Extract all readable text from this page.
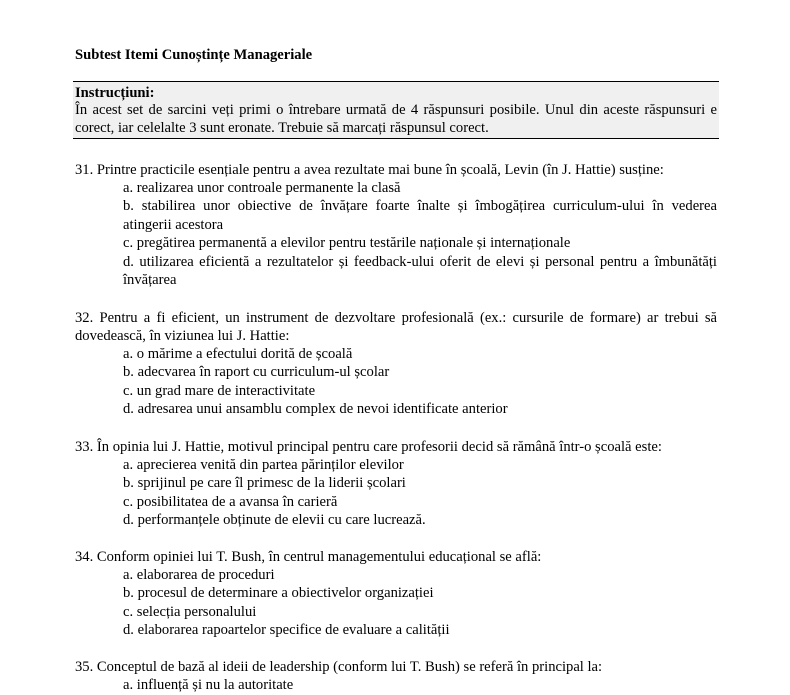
Subtest Itemi Cunoștințe Manageriale
Instrucțiuni:
În acest set de sarcini veți primi o întrebare urmată de 4 răspunsuri posibile. Unul din aceste răspunsuri e corect, iar celelalte 3 sunt eronate. Trebuie să marcați răspunsul corect.
31. Printre practicile esențiale pentru a avea rezultate mai bune în școală, Levin (în J. Hattie) susține:
a. realizarea unor controale permanente la clasă
b. stabilirea unor obiective de învățare foarte înalte și îmbogățirea curriculum-ului în vederea atingerii acestora
c. pregătirea permanentă a elevilor pentru testările naționale și internaționale
d. utilizarea eficientă a rezultatelor și feedback-ului oferit de elevi și personal pentru a îmbunătăți învățarea
32. Pentru a fi eficient, un instrument de dezvoltare profesională (ex.: cursurile de formare) ar trebui să dovedească, în viziunea lui J. Hattie:
a. o mărime a efectului dorită de școală
b. adecvarea în raport cu curriculum-ul școlar
c. un grad mare de interactivitate
d. adresarea unui ansamblu complex de nevoi identificate anterior
33. În opinia lui J. Hattie, motivul principal pentru care profesorii decid să rămână într-o școală este:
a. aprecierea venită din partea părinților elevilor
b. sprijinul pe care îl primesc de la liderii școlari
c. posibilitatea de a avansa în carieră
d. performanțele obținute de elevii cu care lucrează.
34. Conform opiniei lui T. Bush, în centrul managementului educațional se află:
a. elaborarea de proceduri
b. procesul de determinare a obiectivelor organizației
c. selecția personalului
d. elaborarea rapoartelor specifice de evaluare a calității
35. Conceptul de bază al ideii de leadership (conform lui T. Bush) se referă în principal la:
a. influență și nu la autoritate
